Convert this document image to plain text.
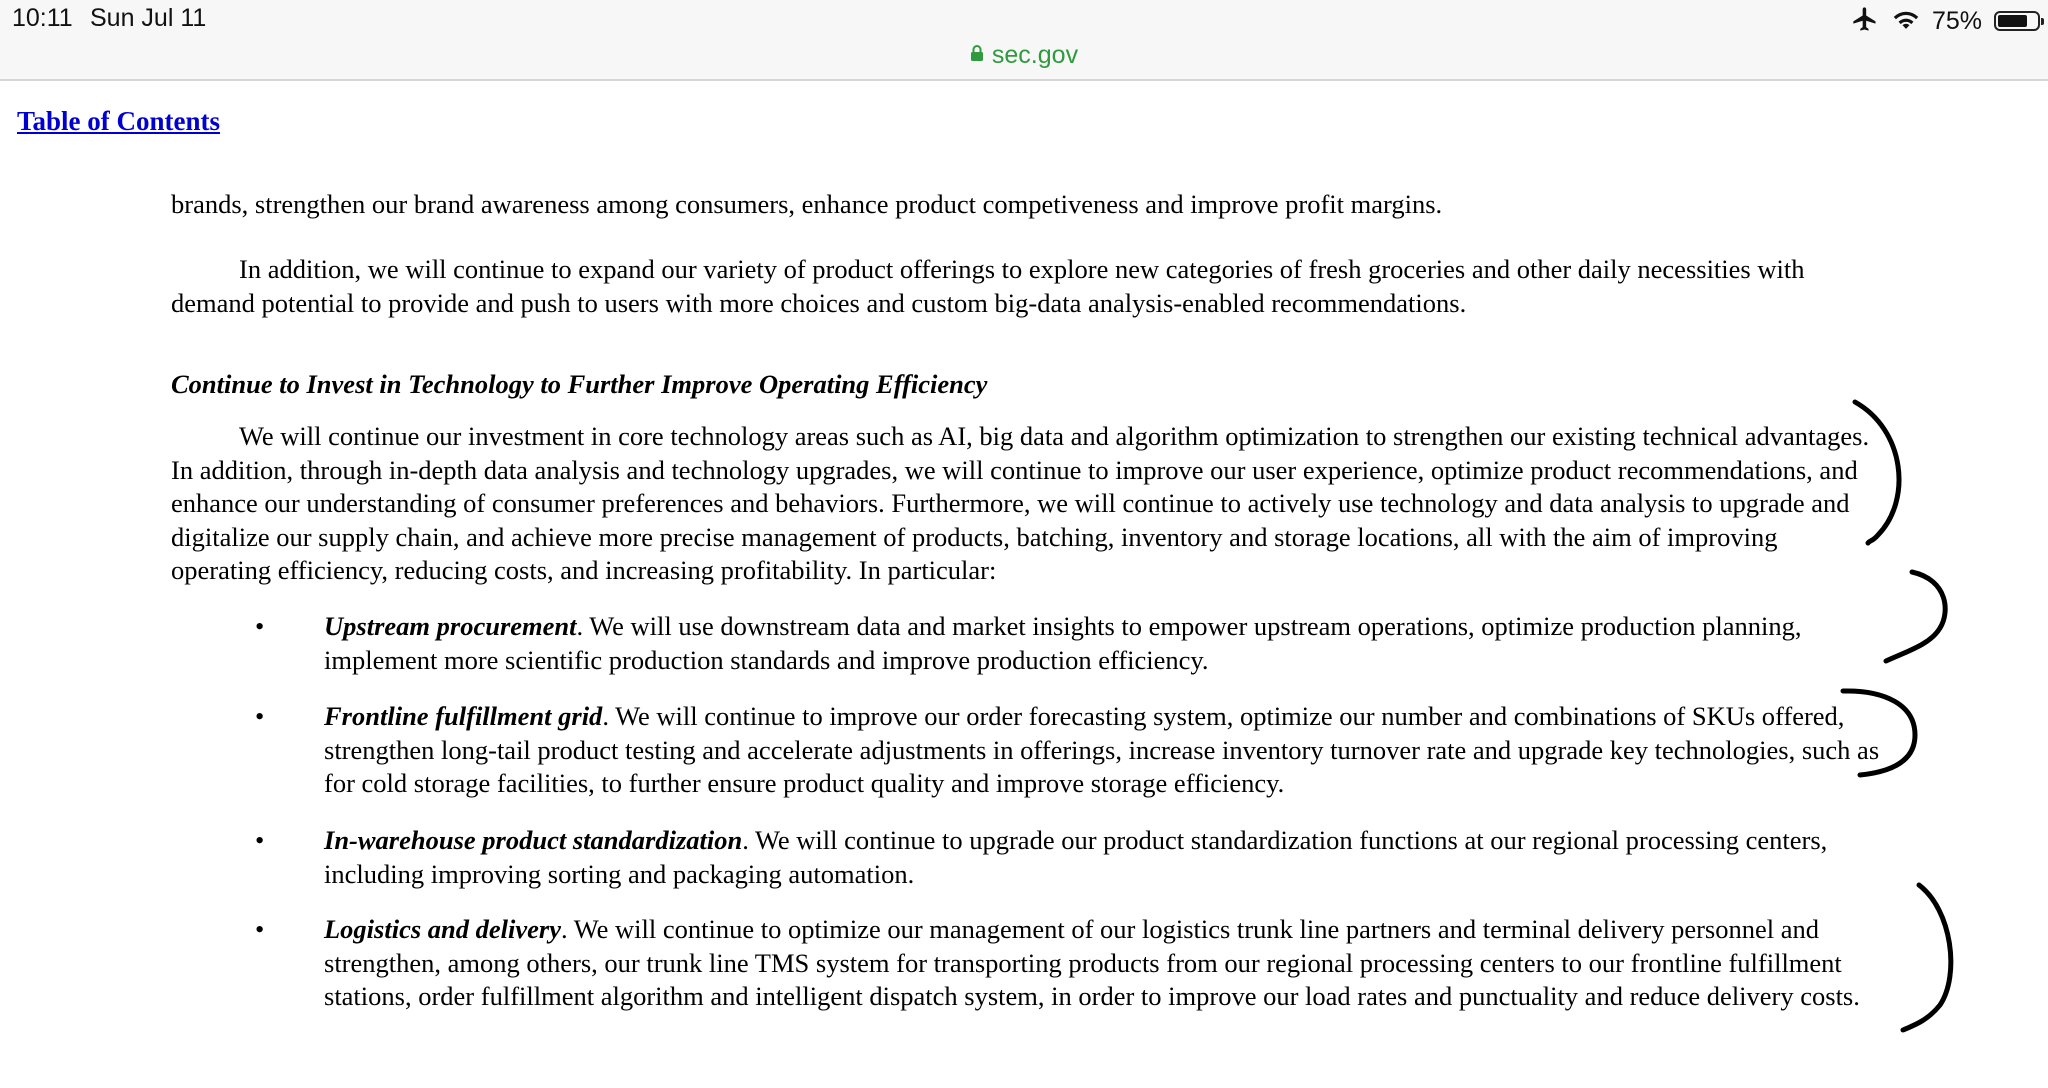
10:11 Sun Jul 11	75%
sec.gov
Table of Contents

brands, strengthen our brand awareness among consumers, enhance product competiveness and improve profit margins.

In addition, we will continue to expand our variety of product offerings to explore new categories of fresh groceries and other daily necessities with demand potential to provide and push to users with more choices and custom big-data analysis-enabled recommendations.

Continue to Invest in Technology to Further Improve Operating Efficiency

We will continue our investment in core technology areas such as AI, big data and algorithm optimization to strengthen our existing technical advantages. In addition, through in-depth data analysis and technology upgrades, we will continue to improve our user experience, optimize product recommendations, and enhance our understanding of consumer preferences and behaviors. Furthermore, we will continue to actively use technology and data analysis to upgrade and digitalize our supply chain, and achieve more precise management of products, batching, inventory and storage locations, all with the aim of improving operating efficiency, reducing costs, and increasing profitability. In particular:

• Upstream procurement. We will use downstream data and market insights to empower upstream operations, optimize production planning, implement more scientific production standards and improve production efficiency.

• Frontline fulfillment grid. We will continue to improve our order forecasting system, optimize our number and combinations of SKUs offered, strengthen long-tail product testing and accelerate adjustments in offerings, increase inventory turnover rate and upgrade key technologies, such as for cold storage facilities, to further ensure product quality and improve storage efficiency.

• In-warehouse product standardization. We will continue to upgrade our product standardization functions at our regional processing centers, including improving sorting and packaging automation.

• Logistics and delivery. We will continue to optimize our management of our logistics trunk line partners and terminal delivery personnel and strengthen, among others, our trunk line TMS system for transporting products from our regional processing centers to our frontline fulfillment stations, order fulfillment algorithm and intelligent dispatch system, in order to improve our load rates and punctuality and reduce delivery costs.
